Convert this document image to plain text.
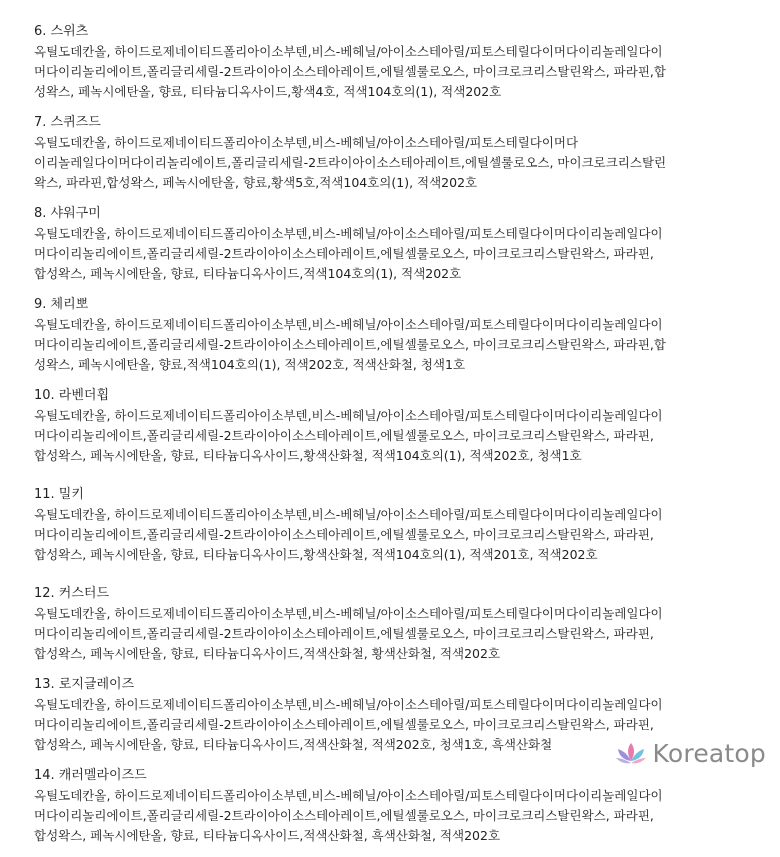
6. 스위츠
옥틸도데칸올, 하이드로제네이티드폴리아이소부텐,비스-베헤닐/아이소스테아릴/피토스테릴다이머다이리놀레일다이
머다이리놀리에이트,폴리글리세릴-2트라이아이소스테아레이트,에틸셀룰로오스, 마이크로크리스탈린왁스, 파라핀,합
성왁스, 페녹시에탄올, 향료, 티타늄디옥사이드,황색4호, 적색104호의(1), 적색202호
7. 스퀴즈드
옥틸도데칸올, 하이드로제네이티드폴리아이소부텐,비스-베헤닐/아이소스테아릴/피토스테릴다이머다
이리놀레일다이머다이리놀리에이트,폴리글리세릴-2트라이아이소스테아레이트,에틸셀룰로오스, 마이크로크리스탈린
왁스, 파라핀,합성왁스, 페녹시에탄올, 향료,황색5호,적색104호의(1), 적색202호
8. 샤워구미
옥틸도데칸올, 하이드로제네이티드폴리아이소부텐,비스-베헤닐/아이소스테아릴/피토스테릴다이머다이리놀레일다이
머다이리놀리에이트,폴리글리세릴-2트라이아이소스테아레이트,에틸셀룰로오스, 마이크로크리스탈린왁스, 파라핀,
합성왁스, 페녹시에탄올, 향료, 티타늄디옥사이드,적색104호의(1), 적색202호
9. 체리뽀
옥틸도데칸올, 하이드로제네이티드폴리아이소부텐,비스-베헤닐/아이소스테아릴/피토스테릴다이머다이리놀레일다이
머다이리놀리에이트,폴리글리세릴-2트라이아이소스테아레이트,에틸셀룰로오스, 마이크로크리스탈린왁스, 파라핀,합
성왁스, 페녹시에탄올, 향료,적색104호의(1), 적색202호, 적색산화철, 청색1호
10. 라벤더휩
옥틸도데칸올, 하이드로제네이티드폴리아이소부텐,비스-베헤닐/아이소스테아릴/피토스테릴다이머다이리놀레일다이
머다이리놀리에이트,폴리글리세릴-2트라이아이소스테아레이트,에틸셀룰로오스, 마이크로크리스탈린왁스, 파라핀,
합성왁스, 페녹시에탄올, 향료, 티타늄디옥사이드,황색산화철, 적색104호의(1), 적색202호, 청색1호
11. 밀키
옥틸도데칸올, 하이드로제네이티드폴리아이소부텐,비스-베헤닐/아이소스테아릴/피토스테릴다이머다이리놀레일다이
머다이리놀리에이트,폴리글리세릴-2트라이아이소스테아레이트,에틸셀룰로오스, 마이크로크리스탈린왁스, 파라핀,
합성왁스, 페녹시에탄올, 향료, 티타늄디옥사이드,황색산화철, 적색104호의(1), 적색201호, 적색202호
12. 커스터드
옥틸도데칸올, 하이드로제네이티드폴리아이소부텐,비스-베헤닐/아이소스테아릴/피토스테릴다이머다이리놀레일다이
머다이리놀리에이트,폴리글리세릴-2트라이아이소스테아레이트,에틸셀룰로오스, 마이크로크리스탈린왁스, 파라핀,
합성왁스, 페녹시에탄올, 향료, 티타늄디옥사이드,적색산화철, 황색산화철, 적색202호
13. 로지글레이즈
옥틸도데칸올, 하이드로제네이티드폴리아이소부텐,비스-베헤닐/아이소스테아릴/피토스테릴다이머다이리놀레일다이
머다이리놀리에이트,폴리글리세릴-2트라이아이소스테아레이트,에틸셀룰로오스, 마이크로크리스탈린왁스, 파라핀,
합성왁스, 페녹시에탄올, 향료, 티타늄디옥사이드,적색산화철, 적색202호, 청색1호, 흑색산화철
14. 캐러멜라이즈드
옥틸도데칸올, 하이드로제네이티드폴리아이소부텐,비스-베헤닐/아이소스테아릴/피토스테릴다이머다이리놀레일다이
머다이리놀리에이트,폴리글리세릴-2트라이아이소스테아레이트,에틸셀룰로오스, 마이크로크리스탈린왁스, 파라핀,
합성왁스, 페녹시에탄올, 향료, 티타늄디옥사이드,적색산화철, 흑색산화철, 적색202호
Koreatop
